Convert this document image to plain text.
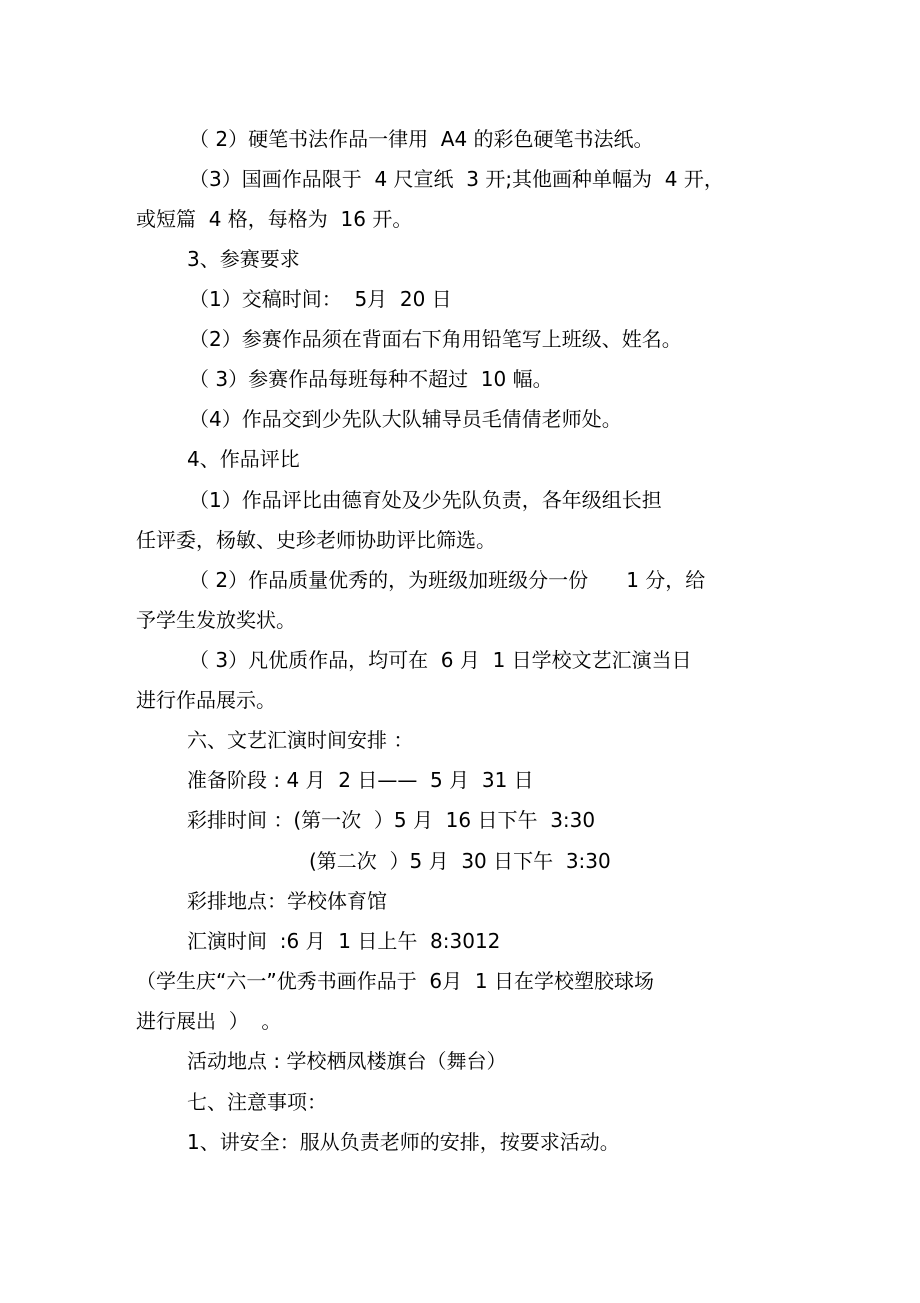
（ 2）硬笔书法作品一律用  A4 的彩色硬笔书法纸。
（3）国画作品限于  4 尺宣纸  3 开;其他画种单幅为  4 开，
或短篇  4 格，每格为  16 开。
3、参赛要求
（1）交稿时间：  5月  20 日
（2）参赛作品须在背面右下角用铅笔写上班级、姓名。
（ 3）参赛作品每班每种不超过  10 幅。
（4）作品交到少先队大队辅导员毛倩倩老师处。
4、作品评比
（1）作品评比由德育处及少先队负责，各年级组长担
任评委，杨敏、史珍老师协助评比筛选。
（ 2）作品质量优秀的，为班级加班级分一份      1 分，给
予学生发放奖状。
（ 3）凡优质作品，均可在  6 月  1 日学校文艺汇演当日
进行作品展示。
六、文艺汇演时间安排 ：
准备阶段 : 4 月  2 日——  5 月  31 日
彩排时间 ：(第一次  ）5 月  16 日下午  3:30
(第二次  ）5 月  30 日下午  3:30
彩排地点：学校体育馆
汇演时间  :6 月  1 日上午  8:3012
（学生庆“六一”优秀书画作品于  6月  1 日在学校塑胶球场
进行展出  ）  。
活动地点 : 学校栖凤楼旗台（舞台）
七、注意事项：
1、讲安全：服从负责老师的安排，按要求活动。
